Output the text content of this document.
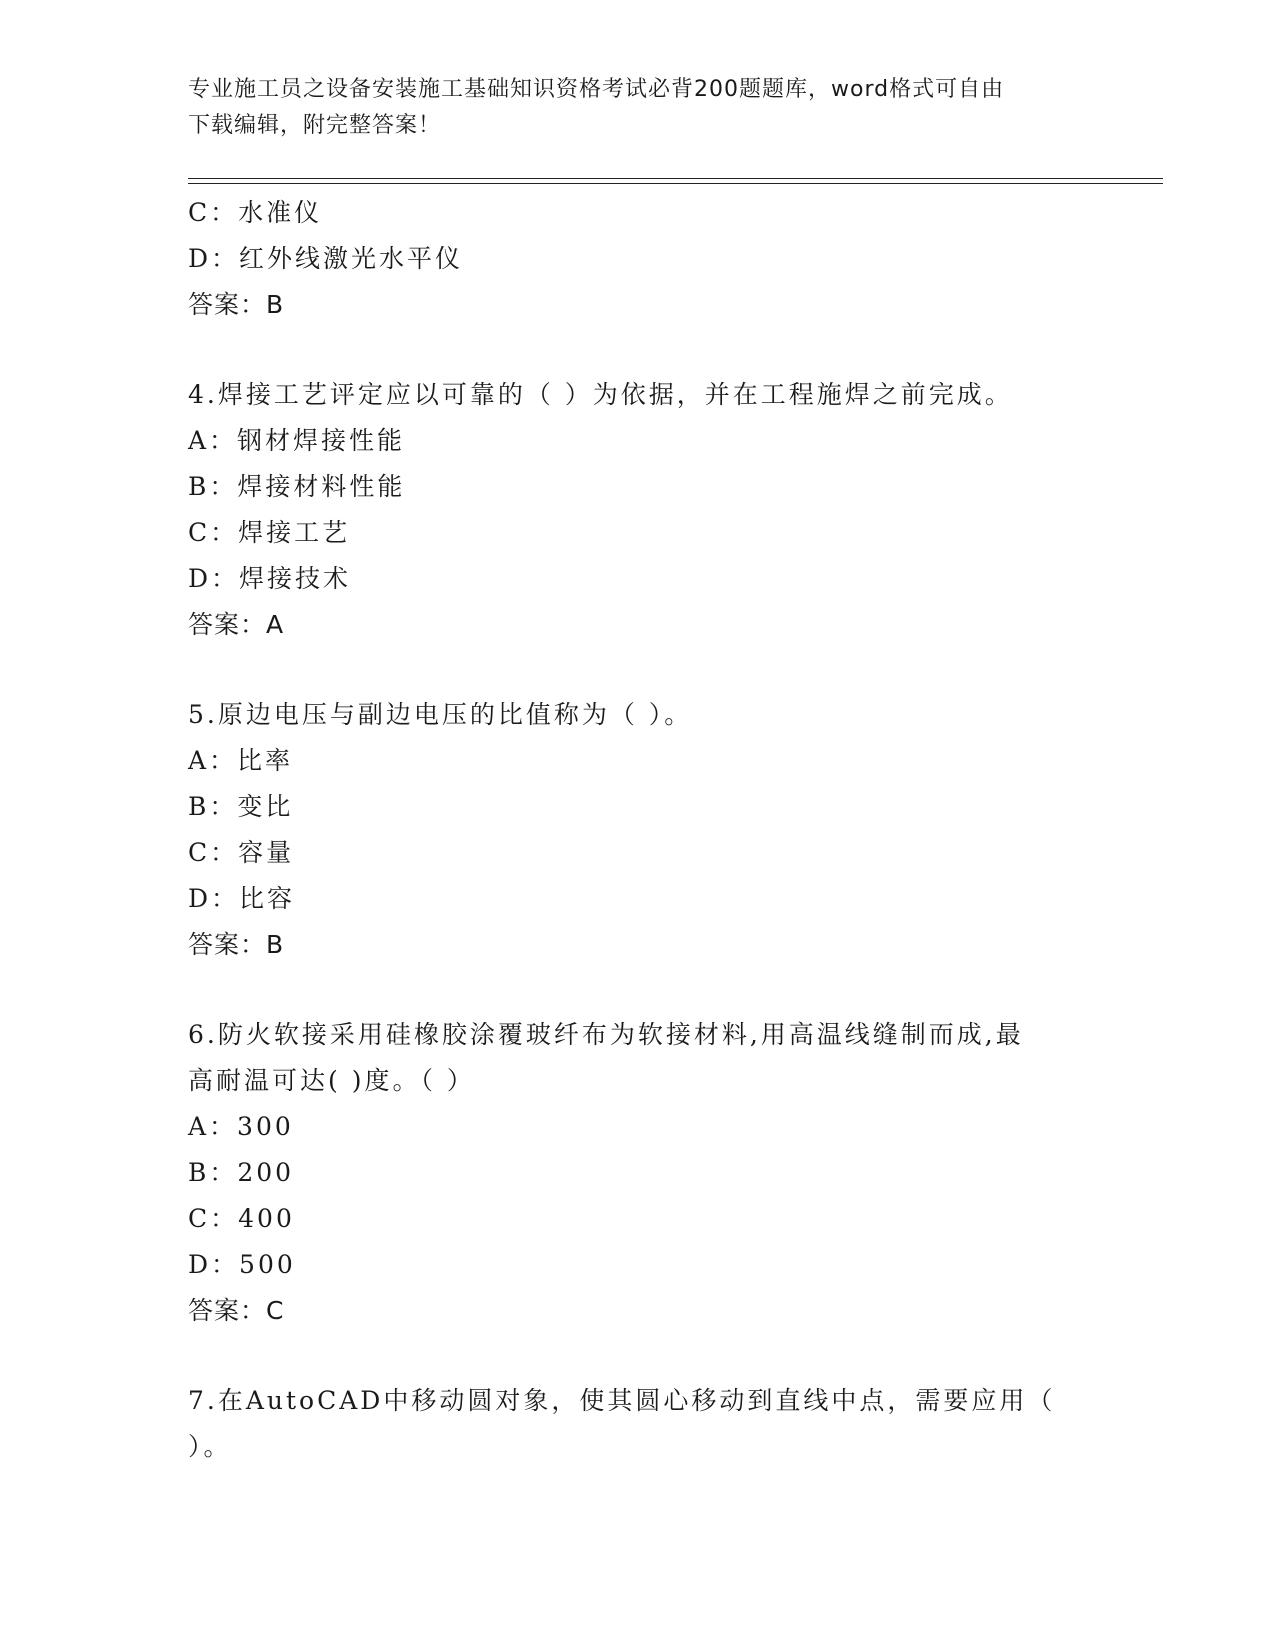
专业施工员之设备安装施工基础知识资格考试必背200题题库，word格式可自由
下载编辑，附完整答案！
C：水准仪
D：红外线激光水平仪
答案：B
4.焊接工艺评定应以可靠的（ ）为依据，并在工程施焊之前完成。
A：钢材焊接性能
B：焊接材料性能
C：焊接工艺
D：焊接技术
答案：A
5.原边电压与副边电压的比值称为（ ）。
A：比率
B：变比
C：容量
D：比容
答案：B
6.防火软接采用硅橡胶涂覆玻纤布为软接材料,用高温线缝制而成,最
高耐温可达( )度。（ ）
A：300
B：200
C：400
D：500
答案：C
7.在AutoCAD中移动圆对象，使其圆心移动到直线中点，需要应用（
）。
